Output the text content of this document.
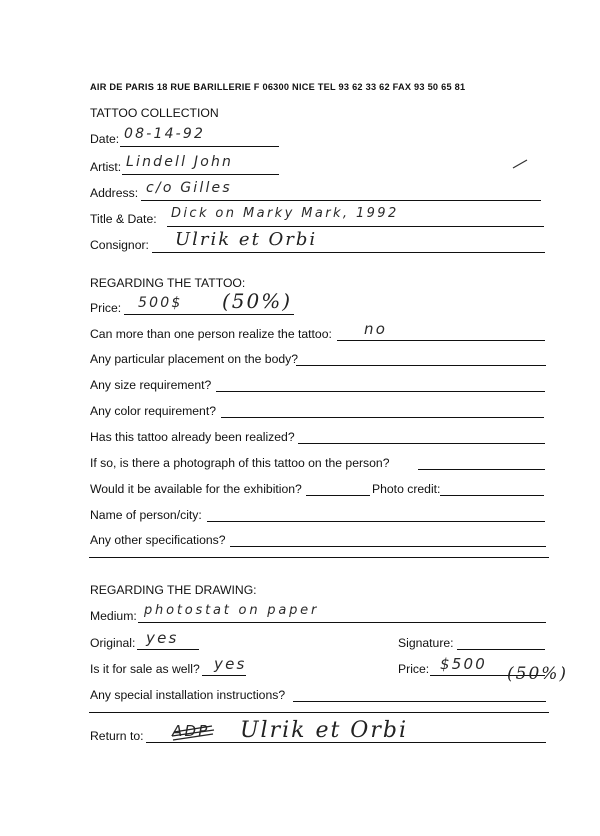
AIR DE PARIS 18 RUE BARILLERIE F 06300 NICE TEL 93 62 33 62 FAX 93 50 65 81
TATTOO COLLECTION
Date: 08-14-92
Artist: Lindell John
Address: c/o Gilles
Title & Date: Dick on Marky Mark, 1992
Consignor: Ulrik et Orbi
REGARDING THE TATTOO:
Price: 500$ (50%)
Can more than one person realize the tattoo: no
Any particular placement on the body?
Any size requirement?
Any color requirement?
Has this tattoo already been realized?
If so, is there a photograph of this tattoo on the person?
Would it be available for the exhibition?	Photo credit:
Name of person/city:
Any other specifications?
REGARDING THE DRAWING:
Medium: photostat on paper
Original: yes	Signature:
Is it for sale as well? yes	Price: $500 (50%)
Any special installation instructions?
Return to: ADP Ulrik et Orbi
